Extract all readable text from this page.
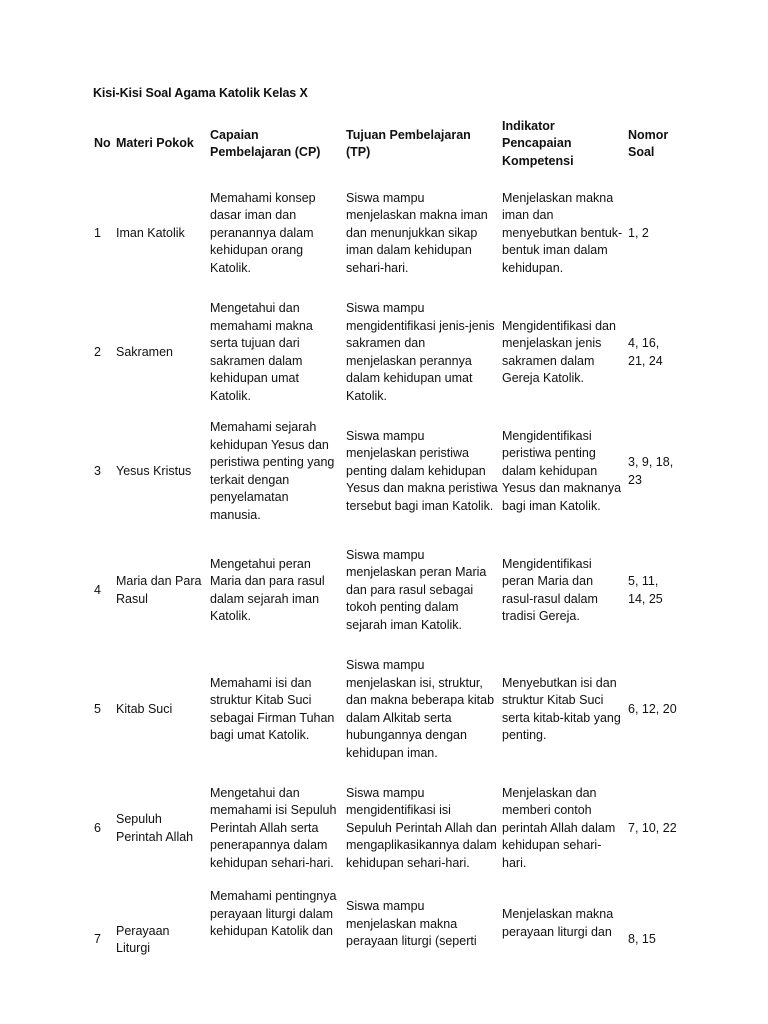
Kisi-Kisi Soal Agama Katolik Kelas X
No	Materi Pokok	Capaian Pembelajaran (CP)	Tujuan Pembelajaran (TP)	Indikator Pencapaian Kompetensi	Nomor Soal

1	Iman Katolik	Memahami konsep dasar iman dan peranannya dalam kehidupan orang Katolik.	Siswa mampu menjelaskan makna iman dan menunjukkan sikap iman dalam kehidupan sehari-hari.	Menjelaskan makna iman dan menyebutkan bentuk-bentuk iman dalam kehidupan.	1, 2

2	Sakramen	Mengetahui dan memahami makna serta tujuan dari sakramen dalam kehidupan umat Katolik.	Siswa mampu mengidentifikasi jenis-jenis sakramen dan menjelaskan perannya dalam kehidupan umat Katolik.	Mengidentifikasi dan menjelaskan jenis sakramen dalam Gereja Katolik.	4, 16, 21, 24

3	Yesus Kristus	Memahami sejarah kehidupan Yesus dan peristiwa penting yang terkait dengan penyelamatan manusia.	Siswa mampu menjelaskan peristiwa penting dalam kehidupan Yesus dan makna peristiwa tersebut bagi iman Katolik.	Mengidentifikasi peristiwa penting dalam kehidupan Yesus dan maknanya bagi iman Katolik.	3, 9, 18, 23

4	Maria dan Para Rasul	Mengetahui peran Maria dan para rasul dalam sejarah iman Katolik.	Siswa mampu menjelaskan peran Maria dan para rasul sebagai tokoh penting dalam sejarah iman Katolik.	Mengidentifikasi peran Maria dan rasul-rasul dalam tradisi Gereja.	5, 11, 14, 25

5	Kitab Suci	Memahami isi dan struktur Kitab Suci sebagai Firman Tuhan bagi umat Katolik.	Siswa mampu menjelaskan isi, struktur, dan makna beberapa kitab dalam Alkitab serta hubungannya dengan kehidupan iman.	Menyebutkan isi dan struktur Kitab Suci serta kitab-kitab yang penting.	6, 12, 20

6	Sepuluh Perintah Allah	Mengetahui dan memahami isi Sepuluh Perintah Allah serta penerapannya dalam kehidupan sehari-hari.	Siswa mampu mengidentifikasi isi Sepuluh Perintah Allah dan mengaplikasikannya dalam kehidupan sehari-hari.	Menjelaskan dan memberi contoh perintah Allah dalam kehidupan sehari-hari.	7, 10, 22

7	Perayaan Liturgi	Memahami pentingnya perayaan liturgi dalam kehidupan Katolik dan	Siswa mampu menjelaskan makna perayaan liturgi (seperti	Menjelaskan makna perayaan liturgi dan	8, 15
